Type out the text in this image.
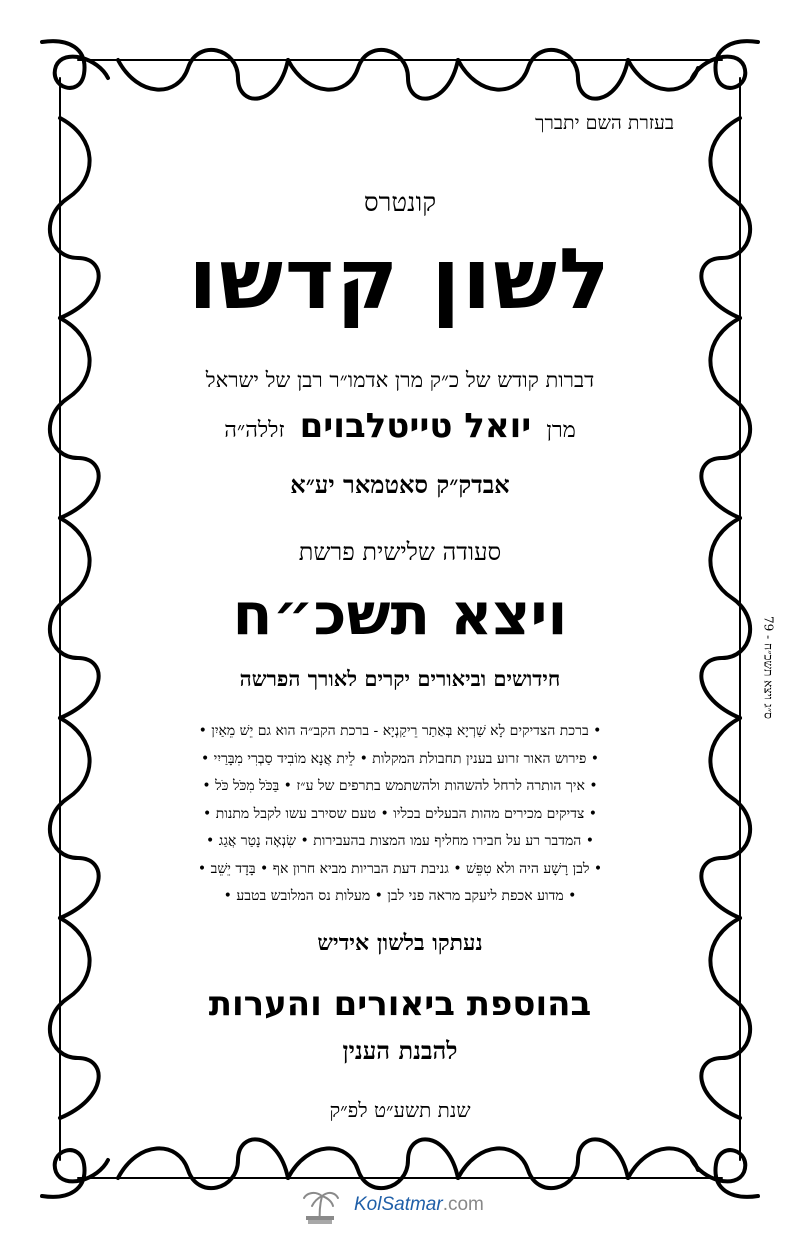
בעזרת השם יתברך
קונטרס
לשון קדשו
דברות קודש של כ״ק מרן אדמו״ר רבן של ישראל
מרן יואל טייטלבוים זללה״ה
אבדק״ק סאטמאר יע״א
סעודה שלישית פרשת
ויצא תשכ״ח
חידושים וביאורים יקרים לאורך הפרשה
• ברכת הצדיקים לָא שַׁרְיָא בְּאַתַר רֵיקַנְיָא - ברכת הקב״ה הוא גם יֵשׁ מֵאַיִן •
• פירוש האור זרוע בענין תחבולת המקלות • לֵית אֲנָא מוֹבִיד סַבְרִי מִבָּרַיִי •
• איך הותרה לרחל להשהות ולהשתמש בתרפים של ע״ז • בַּכֹּל מִכֹּל כֹּל •
• צדיקים מכירים מהות הבעלים בכליו • טעם שסירב עשו לקבל מתנות •
• המדבר רע על חבירו מחליף עמו המצות בהעבירות • שִׂנְאָה נָטַר אֲגַג •
• לבן רָשָׁע היה ולא טִפֵּשׁ • גניבת דעת הבריות מביא חרון אף • בָּדָד יֵשֵׁב •
• מדוע אכפת ליעקב מראה פני לבן • מעלות נס המלובש בטבע •
נעתקו בלשון אידיש
בהוספת ביאורים והערות
להבנת הענין
שנת תשע״ט לפ״ק
ס״ג ויצא תשכ״ח - 79
KolSatmar.com
